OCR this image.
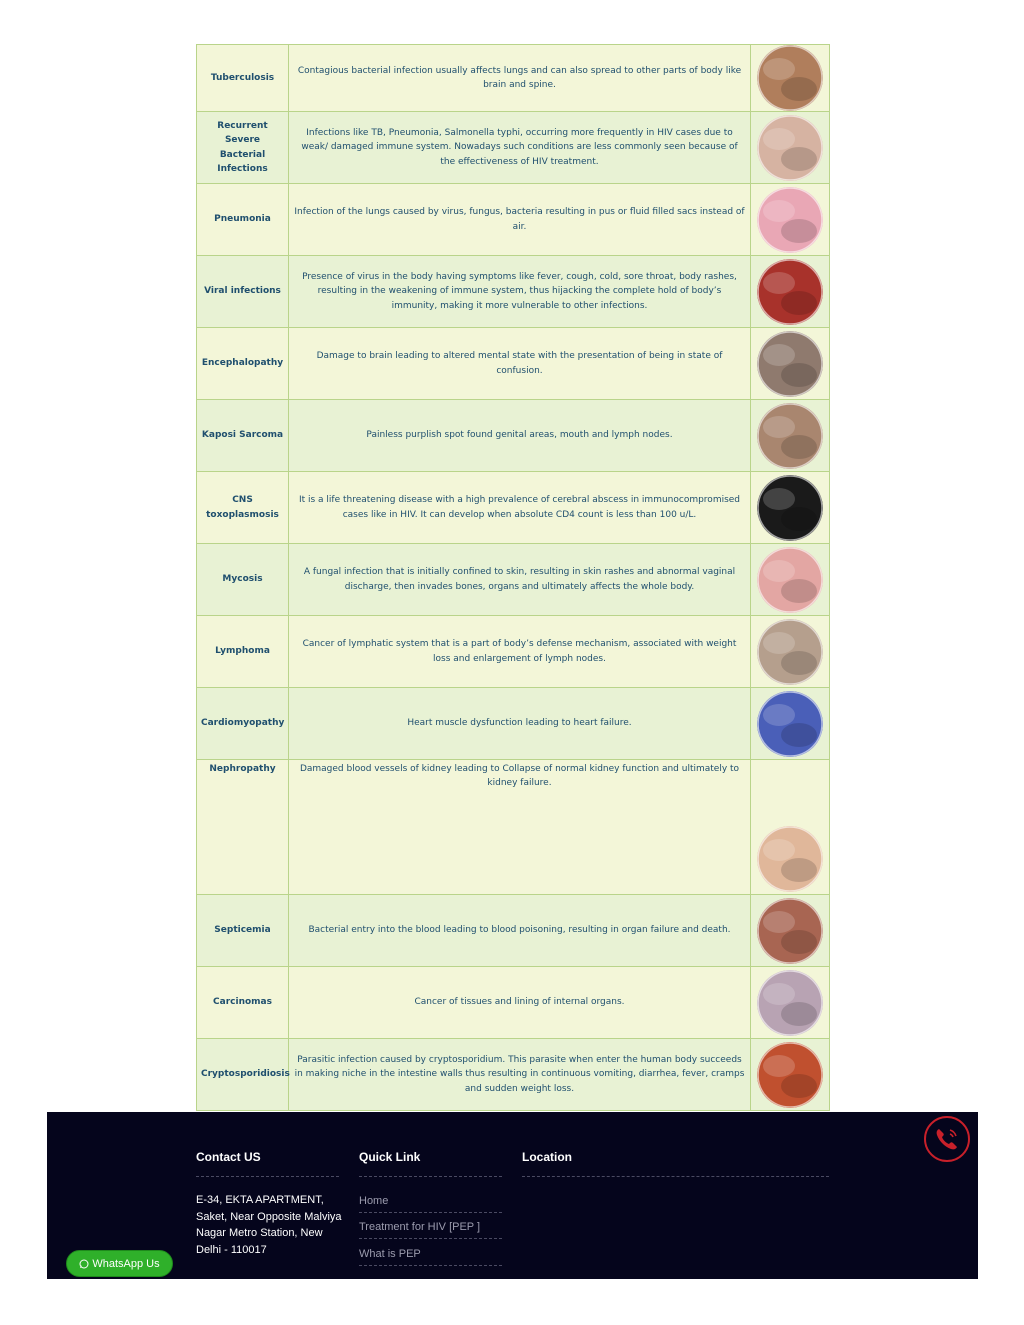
Tuberculosis	Contagious bacterial infection usually affects lungs and can also spread to other parts of body like brain and spine.	

Recurrent Severe Bacterial Infections	Infections like TB, Pneumonia, Salmonella typhi, occurring more frequently in HIV cases due to weak/ damaged immune system. Nowadays such conditions are less commonly seen because of the effectiveness of HIV treatment.	

Pneumonia	Infection of the lungs caused by virus, fungus, bacteria resulting in pus or fluid filled sacs instead of air.	

Viral infections	Presence of virus in the body having symptoms like fever, cough, cold, sore throat, body rashes, resulting in the weakening of immune system, thus hijacking the complete hold of body’s immunity, making it more vulnerable to other infections.	

Encephalopathy	Damage to brain leading to altered mental state with the presentation of being in state of confusion.	

Kaposi Sarcoma	Painless purplish spot found genital areas, mouth and lymph nodes.	

CNS toxoplasmosis	It is a life threatening disease with a high prevalence of cerebral abscess in immunocompromised cases like in HIV. It can develop when absolute CD4 count is less than 100 u/L.	

Mycosis	A fungal infection that is initially confined to skin, resulting in skin rashes and abnormal vaginal discharge, then invades bones, organs and ultimately affects the whole body.	

Lymphoma	Cancer of lymphatic system that is a part of body’s defense mechanism, associated with weight loss and enlargement of lymph nodes.	

Cardiomyopathy	Heart muscle dysfunction leading to heart failure.	

Nephropathy	Damaged blood vessels of kidney leading to Collapse of normal kidney function and ultimately to kidney failure.	

Septicemia	Bacterial entry into the blood leading to blood poisoning, resulting in organ failure and death.	

Carcinomas	Cancer of tissues and lining of internal organs.	

Cryptosporidiosis	Parasitic infection caused by cryptosporidium. This parasite when enter the human body succeeds in making niche in the intestine walls thus resulting in continuous vomiting, diarrhea, fever, cramps and sudden weight loss.	
Contact US
E-34, EKTA APARTMENT, Saket, Near Opposite Malviya Nagar Metro Station, New Delhi - 110017
Quick Link
Home
Treatment for HIV [PEP ]
What is PEP
Location
WhatsApp Us
